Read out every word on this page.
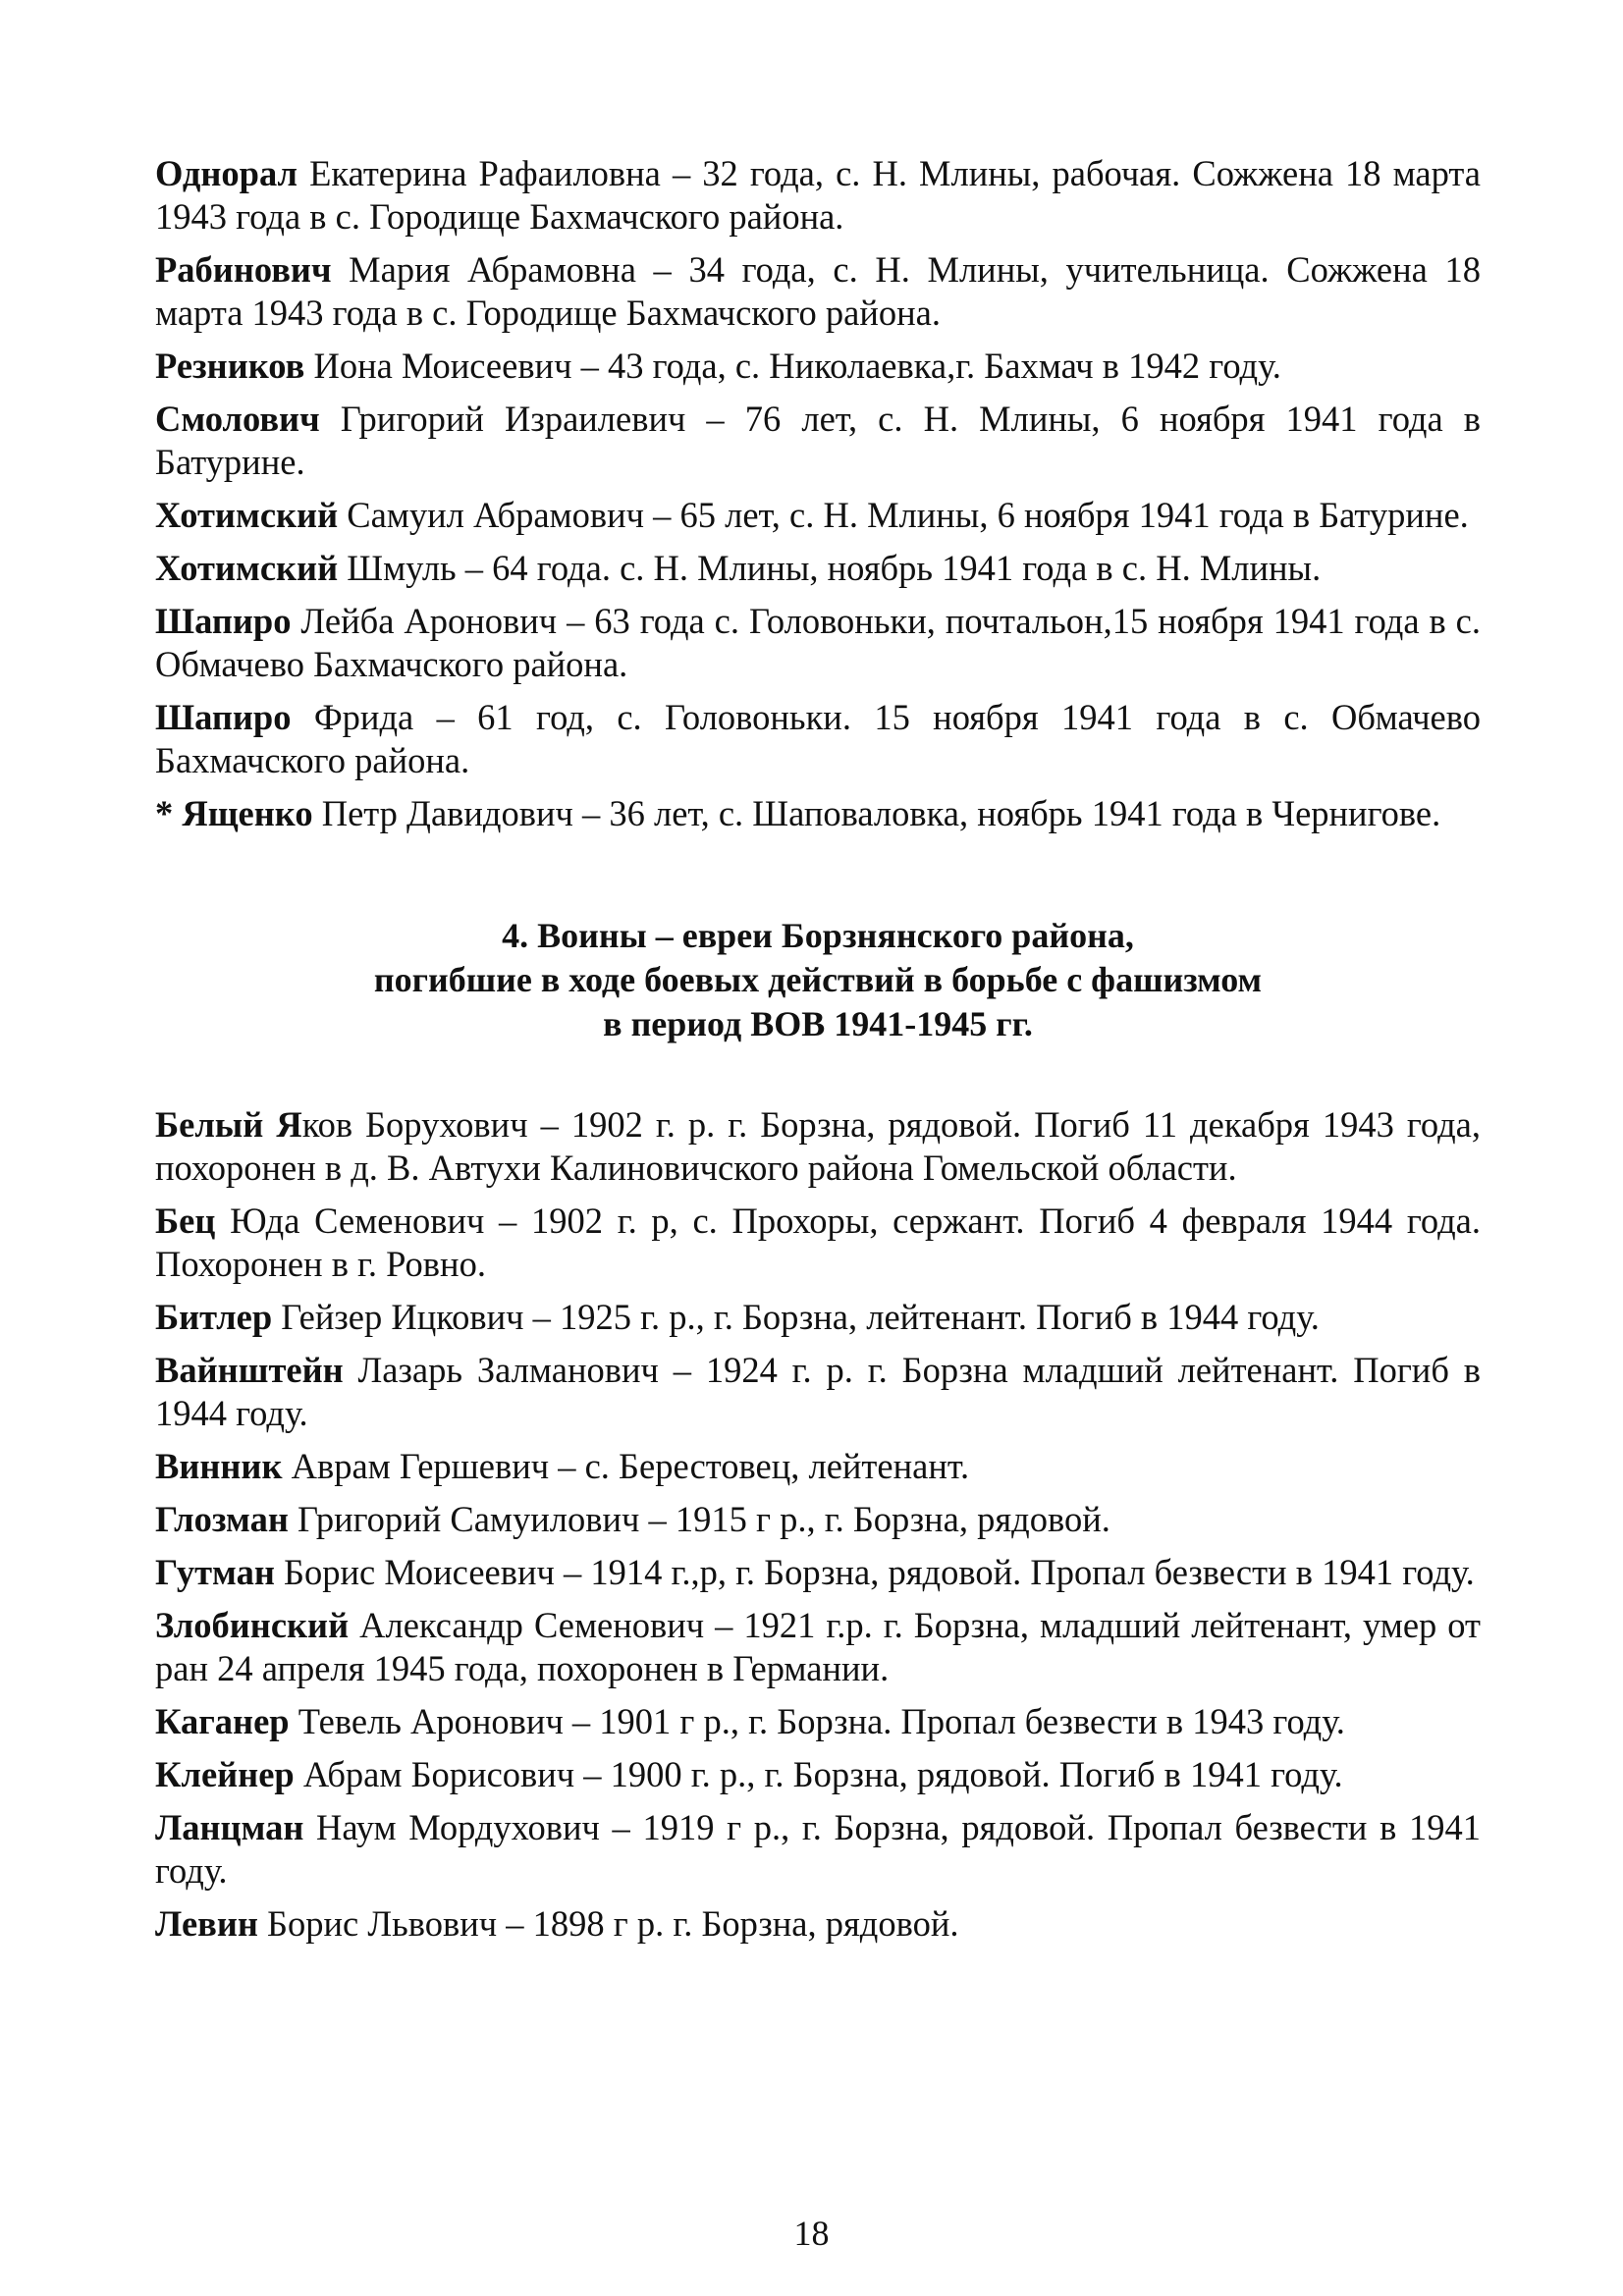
Однорал Екатерина Рафаиловна – 32 года, с. Н. Млины, рабочая. Сожжена 18 марта 1943 года в с. Городище Бахмачского района.

Рабинович Мария Абрамовна – 34 года, с. Н. Млины, учительница. Сожжена 18 марта 1943 года в с. Городище Бахмачского района.

Резников Иона Моисеевич – 43 года, с. Николаевка,г. Бахмач в 1942 году.

Смолович Григорий Израилевич – 76 лет, с. Н. Млины, 6 ноября 1941 года в Батурине.

Хотимский Самуил Абрамович – 65 лет, с. Н. Млины, 6 ноября 1941 года в Батурине.

Хотимский Шмуль – 64 года. с. Н. Млины, ноябрь 1941 года в с. Н. Млины.

Шапиро Лейба Аронович – 63 года с. Головоньки, почтальон,15 ноября 1941 года в с. Обмачево Бахмачского района.

Шапиро Фрида – 61 год, с. Головоньки. 15 ноября 1941 года в с. Обмачево Бахмачского района.

* Ященко Петр Давидович – 36 лет, с. Шаповаловка, ноябрь 1941 года в Чернигове.

4. Воины – евреи Борзнянского района,
погибшие в ходе боевых действий в борьбе с фашизмом
в период ВОВ 1941-1945 гг.

Белый Яков Борухович – 1902 г. р. г. Борзна, рядовой. Погиб 11 декабря 1943 года, похоронен в д. В. Автухи Калиновичского района Гомельской области.

Бец Юда Семенович – 1902 г. р, с. Прохоры, сержант. Погиб 4 февраля 1944 года. Похоронен в г. Ровно.

Битлер Гейзер Ицкович – 1925 г. р., г. Борзна, лейтенант. Погиб в 1944 году.

Вайнштейн Лазарь Залманович – 1924 г. р. г. Борзна младший лейтенант. Погиб в 1944 году.

Винник Аврам Гершевич – с. Берестовец, лейтенант.

Глозман Григорий Самуилович – 1915 г р., г. Борзна, рядовой.

Гутман Борис Моисеевич – 1914 г.,р, г. Борзна, рядовой. Пропал безвести в 1941 году.

Злобинский Александр Семенович – 1921 г.р. г. Борзна, младший лейтенант, умер от ран 24 апреля 1945 года, похоронен в Германии.

Каганер Тевель Аронович – 1901 г р., г. Борзна. Пропал безвести в 1943 году.

Клейнер Абрам Борисович – 1900 г. р., г. Борзна, рядовой. Погиб в 1941 году.

Ланцман Наум Мордухович – 1919 г р., г. Борзна, рядовой. Пропал безвести в 1941 году.

Левин Борис Львович – 1898 г р. г. Борзна, рядовой.

18
